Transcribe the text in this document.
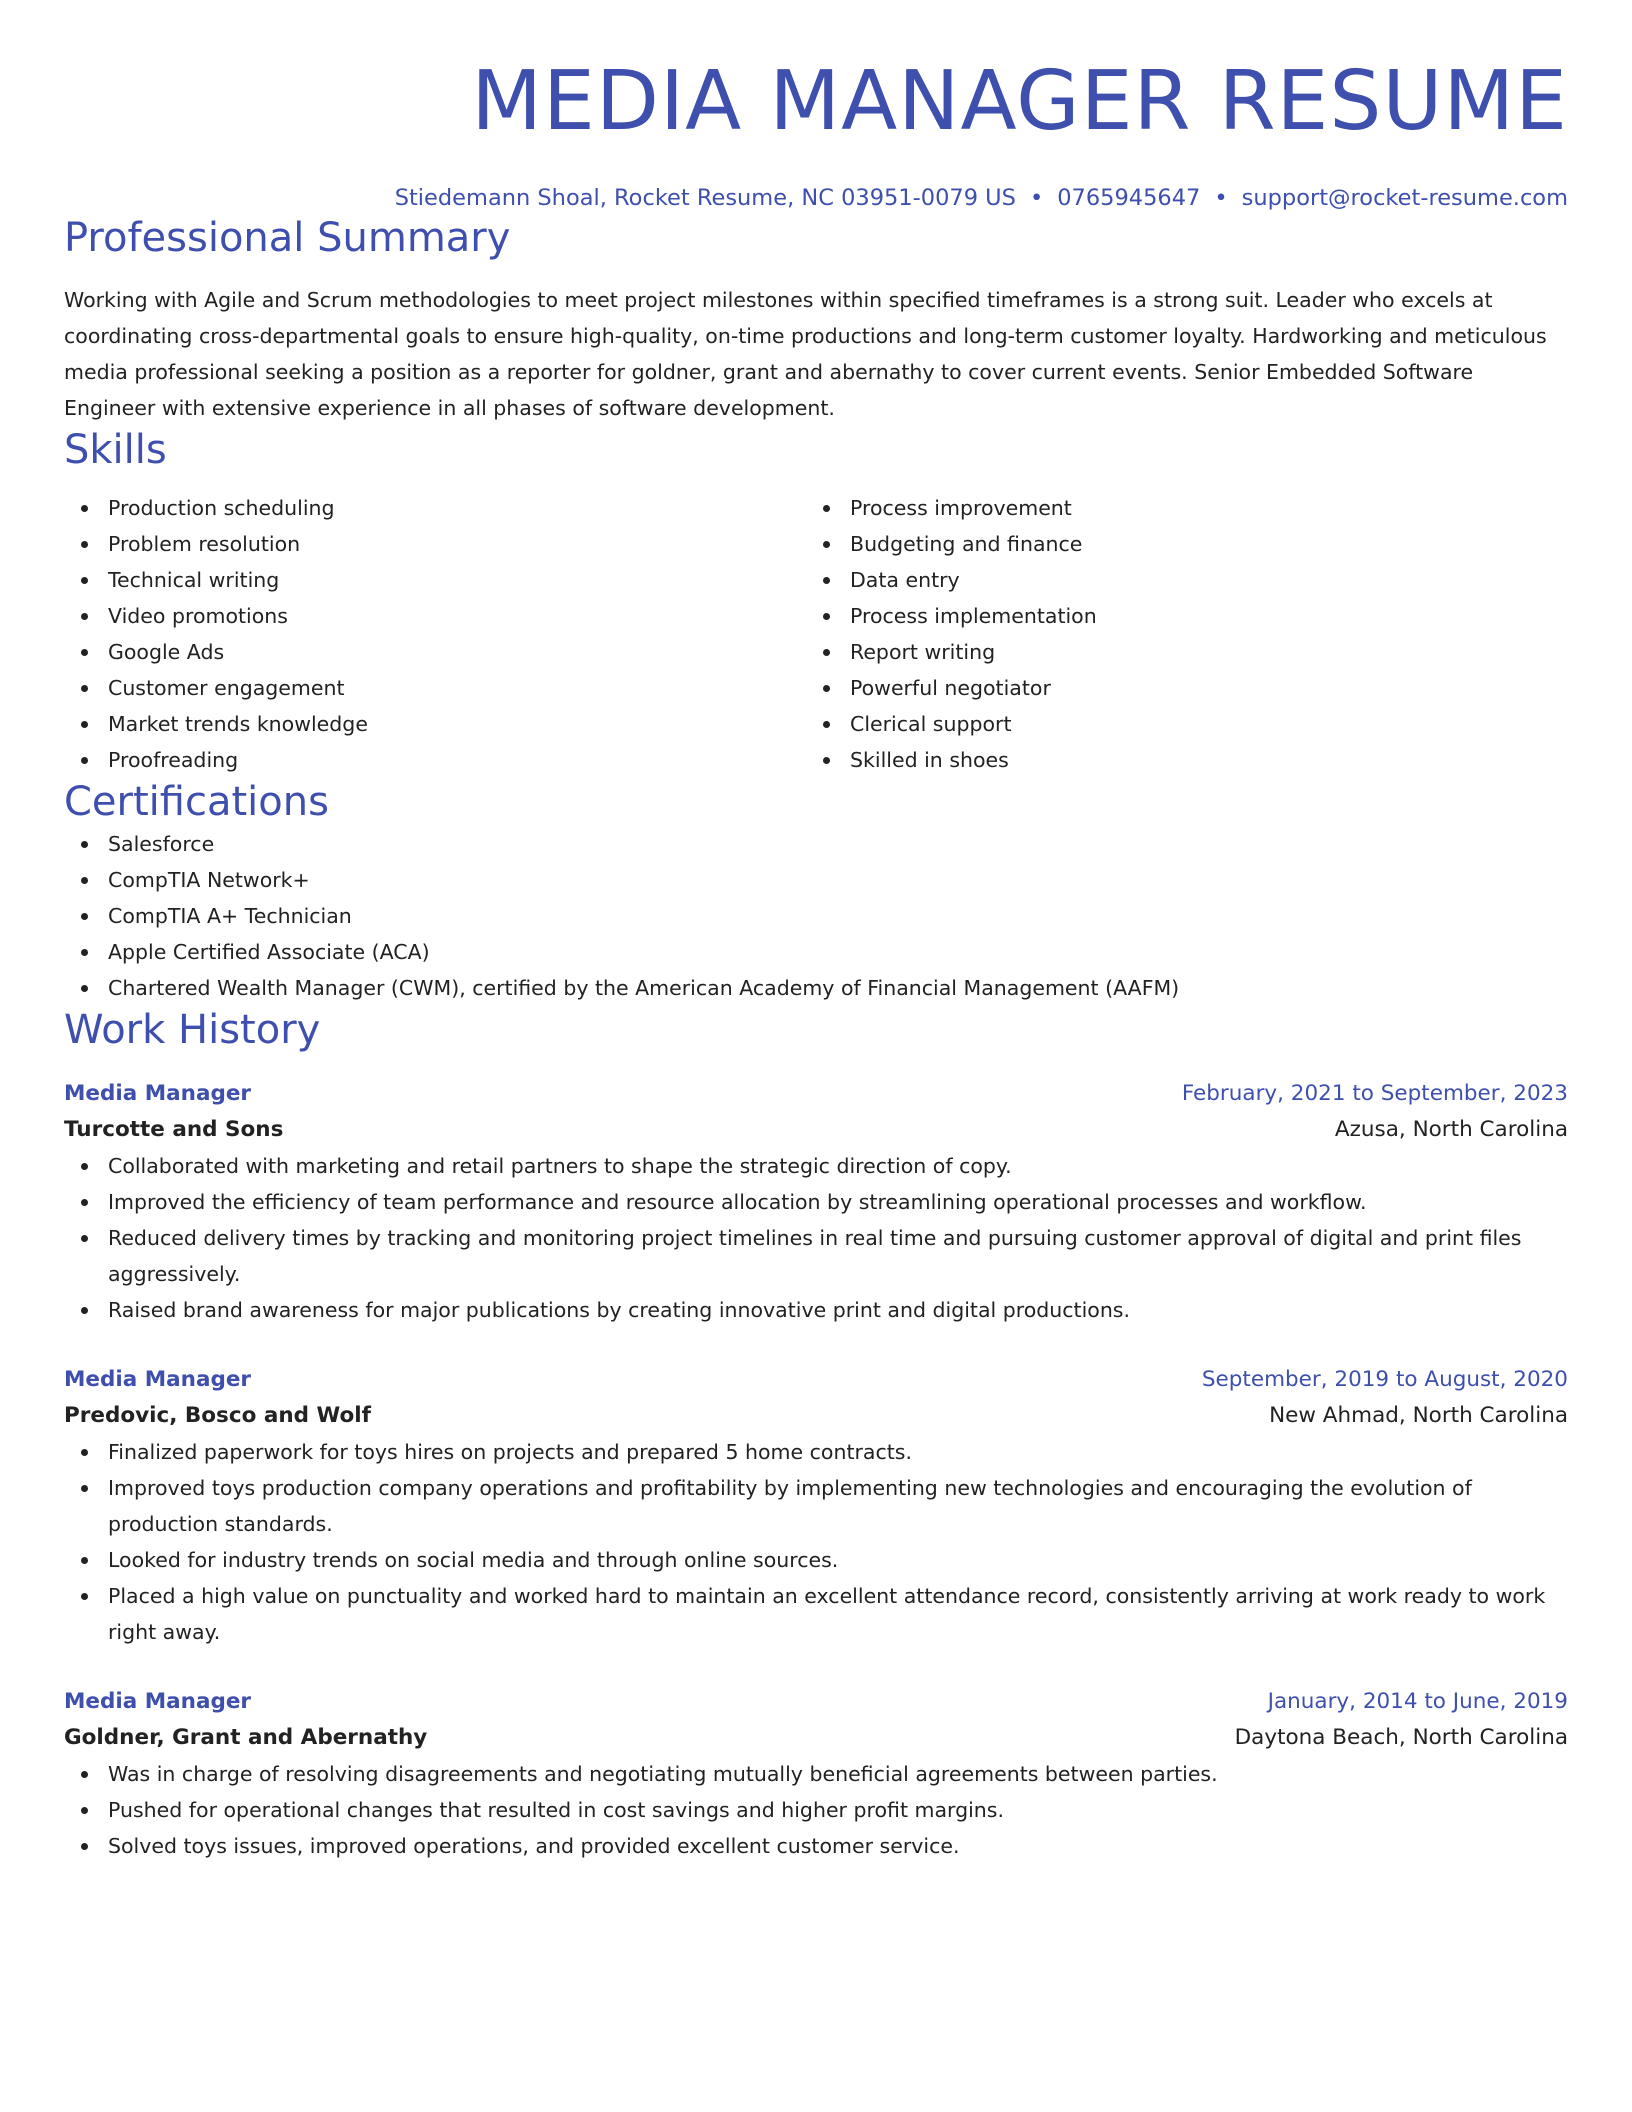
MEDIA MANAGER RESUME
Stiedemann Shoal, Rocket Resume, NC 03951-0079 US • 0765945647 • support@rocket-resume.com
Professional Summary
Working with Agile and Scrum methodologies to meet project milestones within specified timeframes is a strong suit. Leader who excels at coordinating cross-departmental goals to ensure high-quality, on-time productions and long-term customer loyalty. Hardworking and meticulous media professional seeking a position as a reporter for goldner, grant and abernathy to cover current events. Senior Embedded Software Engineer with extensive experience in all phases of software development.
Skills
Production scheduling
Problem resolution
Technical writing
Video promotions
Google Ads
Customer engagement
Market trends knowledge
Proofreading
Process improvement
Budgeting and finance
Data entry
Process implementation
Report writing
Powerful negotiator
Clerical support
Skilled in shoes
Certifications
Salesforce
CompTIA Network+
CompTIA A+ Technician
Apple Certified Associate (ACA)
Chartered Wealth Manager (CWM), certified by the American Academy of Financial Management (AAFM)
Work History
Media Manager	February, 2021 to September, 2023
Turcotte and Sons	Azusa, North Carolina
Collaborated with marketing and retail partners to shape the strategic direction of copy.
Improved the efficiency of team performance and resource allocation by streamlining operational processes and workflow.
Reduced delivery times by tracking and monitoring project timelines in real time and pursuing customer approval of digital and print files aggressively.
Raised brand awareness for major publications by creating innovative print and digital productions.
Media Manager	September, 2019 to August, 2020
Predovic, Bosco and Wolf	New Ahmad, North Carolina
Finalized paperwork for toys hires on projects and prepared 5 home contracts.
Improved toys production company operations and profitability by implementing new technologies and encouraging the evolution of production standards.
Looked for industry trends on social media and through online sources.
Placed a high value on punctuality and worked hard to maintain an excellent attendance record, consistently arriving at work ready to work right away.
Media Manager	January, 2014 to June, 2019
Goldner, Grant and Abernathy	Daytona Beach, North Carolina
Was in charge of resolving disagreements and negotiating mutually beneficial agreements between parties.
Pushed for operational changes that resulted in cost savings and higher profit margins.
Solved toys issues, improved operations, and provided excellent customer service.
